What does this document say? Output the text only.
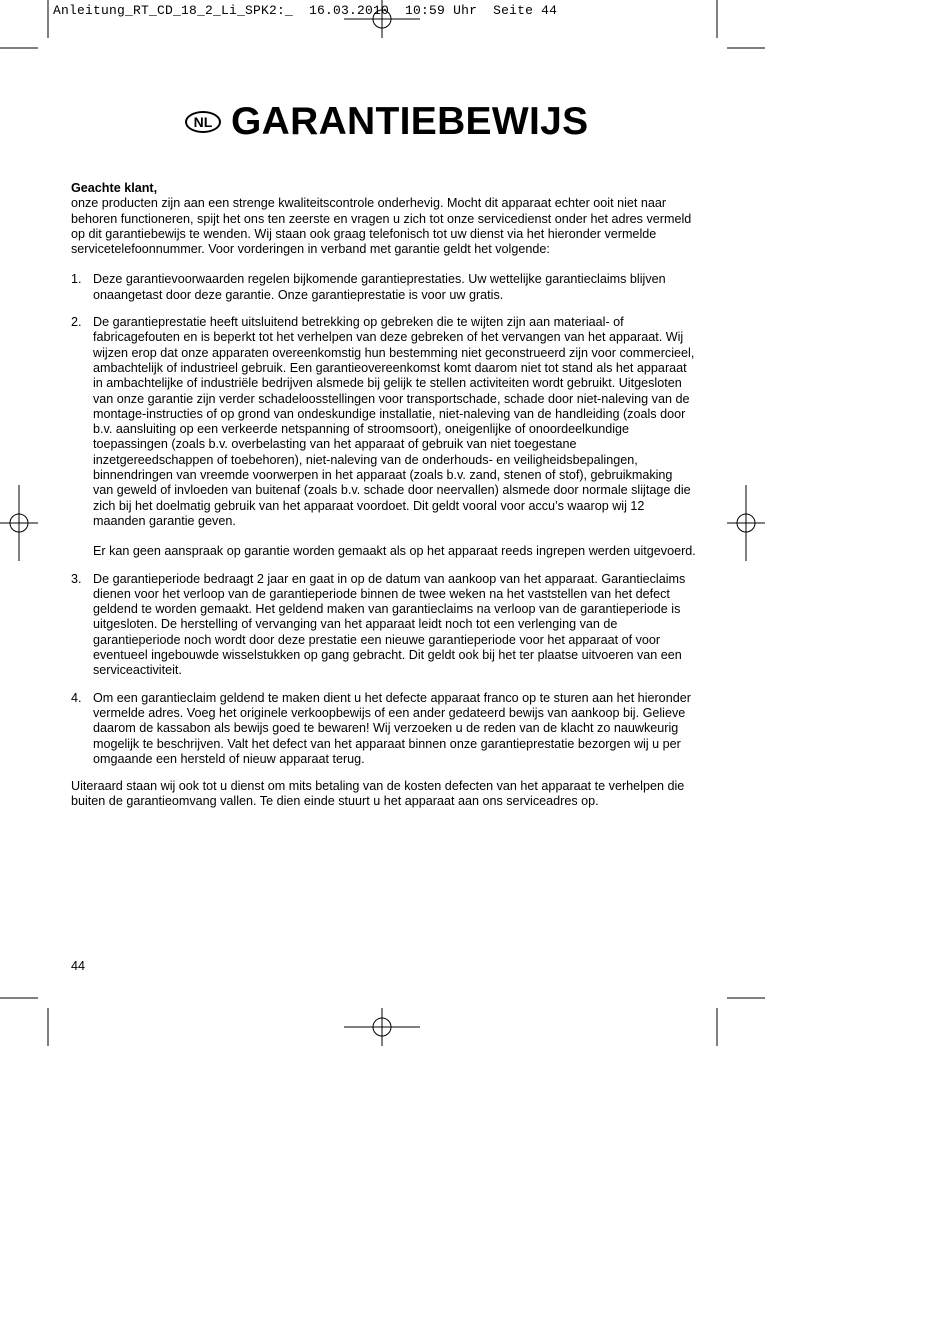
Anleitung_RT_CD_18_2_Li_SPK2:_  16.03.2010  10:59 Uhr  Seite 44
NL GARANTIEBEWIJS

Geachte klant,

onze producten zijn aan een strenge kwaliteitscontrole onderhevig. Mocht dit apparaat echter ooit niet naar behoren functioneren, spijt het ons ten zeerste en vragen u zich tot onze servicedienst onder het adres vermeld op dit garantiebewijs te wenden. Wij staan ook graag telefonisch tot uw dienst via het hieronder vermelde servicetelefoonnummer. Voor vorderingen in verband met garantie geldt het volgende:

1. Deze garantievoorwaarden regelen bijkomende garantieprestaties. Uw wettelijke garantieclaims blijven onaangetast door deze garantie. Onze garantieprestatie is voor uw gratis.
2. De garantieprestatie heeft uitsluitend betrekking op gebreken die te wijten zijn aan materiaal- of fabricagefouten en is beperkt tot het verhelpen van deze gebreken of het vervangen van het apparaat. Wij wijzen erop dat onze apparaten overeenkomstig hun bestemming niet geconstrueerd zijn voor commercieel, ambachtelijk of industrieel gebruik. Een garantieovereenkomst komt daarom niet tot stand als het apparaat in ambachtelijke of industriële bedrijven alsmede bij gelijk te stellen activiteiten wordt gebruikt. Uitgesloten van onze garantie zijn verder schadeloosstellingen voor transportschade, schade door niet-naleving van de montage-instructies of op grond van ondeskundige installatie, niet-naleving van de handleiding (zoals door b.v. aansluiting op een verkeerde netspanning of stroomsoort), oneigenlijke of onoordeelkundige toepassingen (zoals b.v. overbelasting van het apparaat of gebruik van niet toegestane inzetgereedschappen of toebehoren), niet-naleving van de onderhouds- en veiligheidsbepalingen, binnendringen van vreemde voorwerpen in het apparaat (zoals b.v. zand, stenen of stof), gebruikmaking van geweld of invloeden van buitenaf (zoals b.v. schade door neervallen) alsmede door normale slijtage die zich bij het doelmatig gebruik van het apparaat voordoet. Dit geldt vooral voor accu’s waarop wij 12 maanden garantie geven.
Er kan geen aanspraak op garantie worden gemaakt als op het apparaat reeds ingrepen werden uitgevoerd.
3. De garantieperiode bedraagt 2 jaar en gaat in op de datum van aankoop van het apparaat. Garantieclaims dienen voor het verloop van de garantieperiode binnen de twee weken na het vaststellen van het defect geldend te worden gemaakt. Het geldend maken van garantieclaims na verloop van de garantieperiode is uitgesloten. De herstelling of vervanging van het apparaat leidt noch tot een verlenging van de garantieperiode noch wordt door deze prestatie een nieuwe garantieperiode voor het apparaat of voor eventueel ingebouwde wisselstukken op gang gebracht. Dit geldt ook bij het ter plaatse uitvoeren van een serviceactiviteit.
4. Om een garantieclaim geldend te maken dient u het defecte apparaat franco op te sturen aan het hieronder vermelde adres. Voeg het originele verkoopbewijs of een ander gedateerd bewijs van aankoop bij. Gelieve daarom de kassabon als bewijs goed te bewaren! Wij verzoeken u de reden van de klacht zo nauwkeurig mogelijk te beschrijven. Valt het defect van het apparaat binnen onze garantieprestatie bezorgen wij u per omgaande een hersteld of nieuw apparaat terug.

Uiteraard staan wij ook tot u dienst om mits betaling van de kosten defecten van het apparaat te verhelpen die buiten de garantieomvang vallen. Te dien einde stuurt u het apparaat aan ons serviceadres op.

44
